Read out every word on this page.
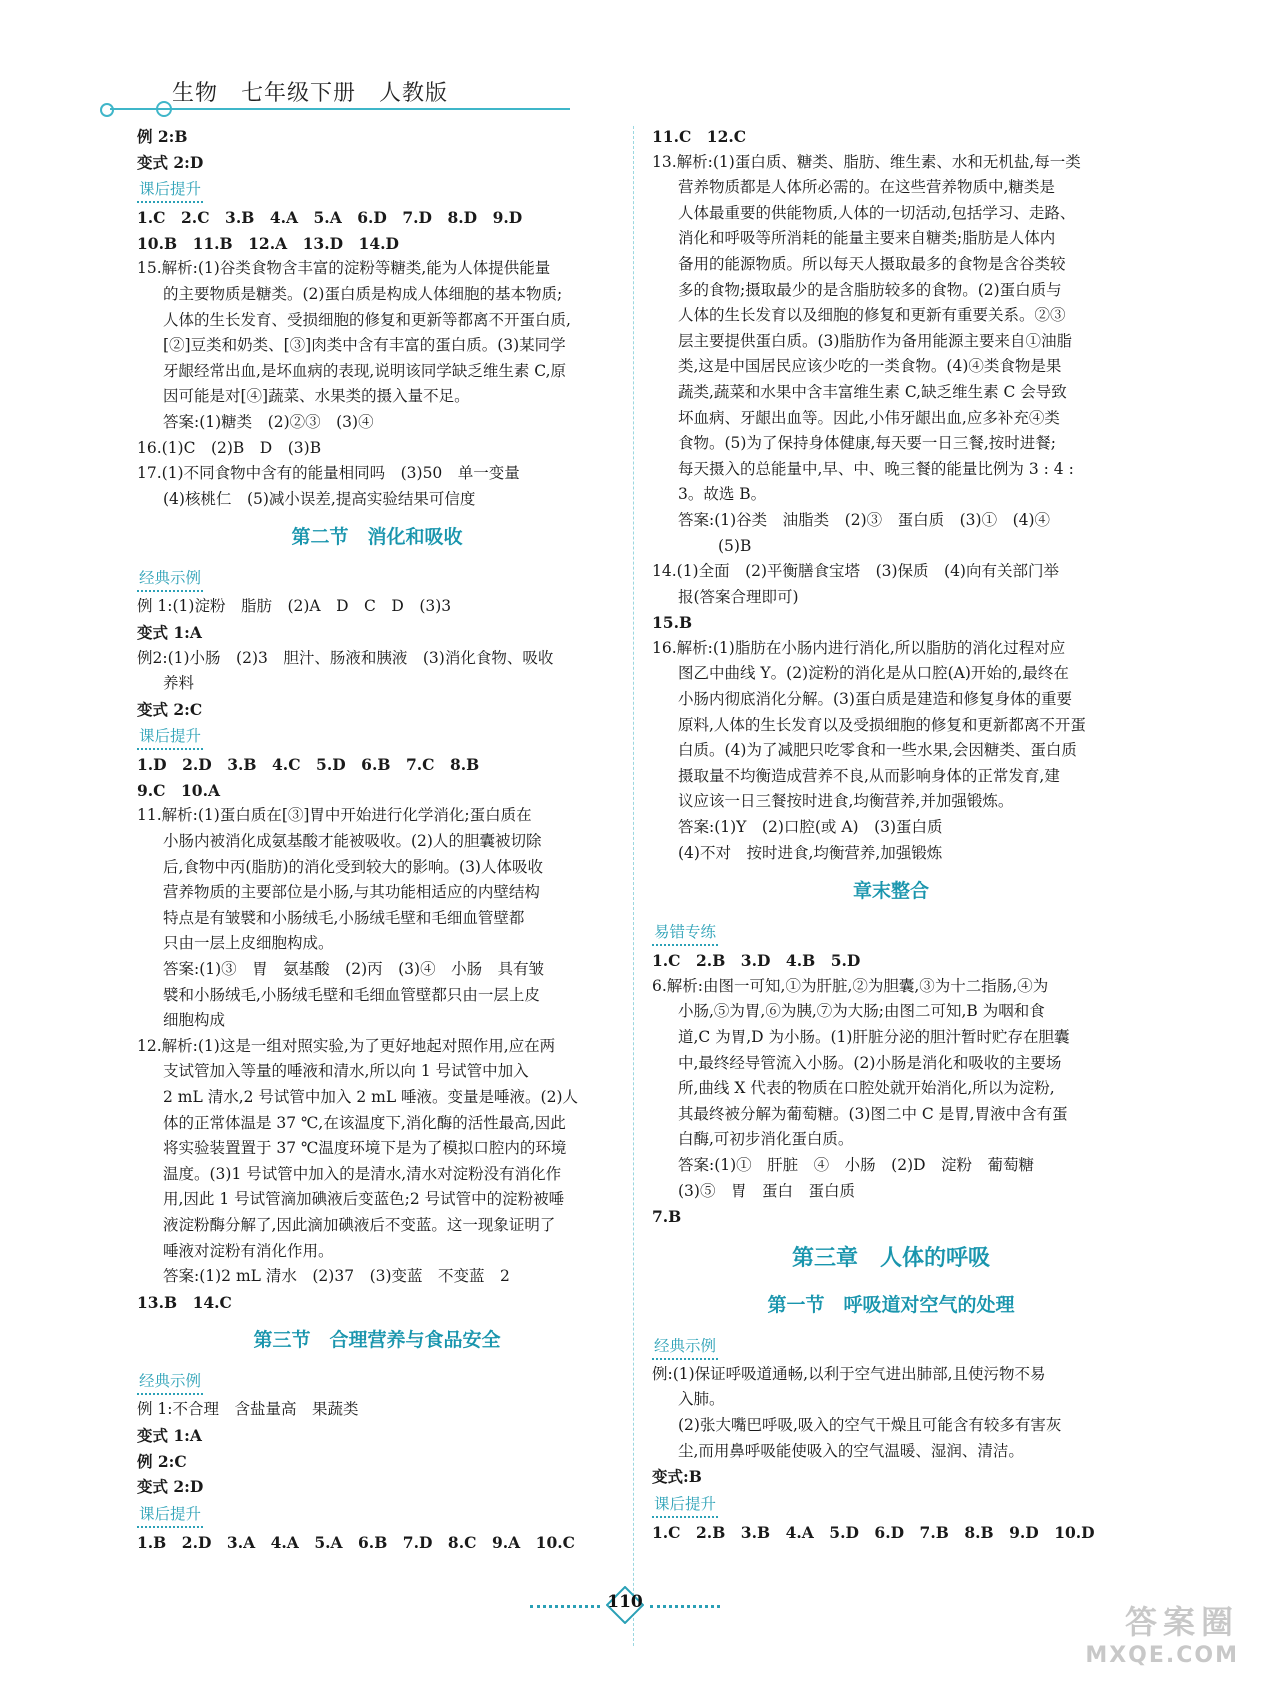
生物　七年级下册　人教版
例 2:B
变式 2:D
课后提升
1.C　2.C　3.B　4.A　5.A　6.D　7.D　8.D　9.D
10.B　11.B　12.A　13.D　14.D
15.解析:(1)谷类食物含丰富的淀粉等糖类,能为人体提供能量
的主要物质是糖类。(2)蛋白质是构成人体细胞的基本物质;
人体的生长发育、受损细胞的修复和更新等都离不开蛋白质,
[②]豆类和奶类、[③]肉类中含有丰富的蛋白质。(3)某同学
牙龈经常出血,是坏血病的表现,说明该同学缺乏维生素 C,原
因可能是对[④]蔬菜、水果类的摄入量不足。
答案:(1)糖类　(2)②③　(3)④
16.(1)C　(2)B　D　(3)B
17.(1)不同食物中含有的能量相同吗　(3)50　单一变量
(4)核桃仁　(5)减小误差,提高实验结果可信度
第二节　消化和吸收
经典示例
例 1:(1)淀粉　脂肪　(2)A　D　C　D　(3)3
变式 1:A
例2:(1)小肠　(2)3　胆汁、肠液和胰液　(3)消化食物、吸收
养料
变式 2:C
课后提升
1.D　2.D　3.B　4.C　5.D　6.B　7.C　8.B
9.C　10.A
11.解析:(1)蛋白质在[③]胃中开始进行化学消化;蛋白质在
小肠内被消化成氨基酸才能被吸收。(2)人的胆囊被切除
后,食物中丙(脂肪)的消化受到较大的影响。(3)人体吸收
营养物质的主要部位是小肠,与其功能相适应的内壁结构
特点是有皱襞和小肠绒毛,小肠绒毛壁和毛细血管壁都
只由一层上皮细胞构成。
答案:(1)③　胃　氨基酸　(2)丙　(3)④　小肠　具有皱
襞和小肠绒毛,小肠绒毛壁和毛细血管壁都只由一层上皮
细胞构成
12.解析:(1)这是一组对照实验,为了更好地起对照作用,应在两
支试管加入等量的唾液和清水,所以向 1 号试管中加入
2 mL 清水,2 号试管中加入 2 mL 唾液。变量是唾液。(2)人
体的正常体温是 37 ℃,在该温度下,消化酶的活性最高,因此
将实验装置置于 37 ℃温度环境下是为了模拟口腔内的环境
温度。(3)1 号试管中加入的是清水,清水对淀粉没有消化作
用,因此 1 号试管滴加碘液后变蓝色;2 号试管中的淀粉被唾
液淀粉酶分解了,因此滴加碘液后不变蓝。这一现象证明了
唾液对淀粉有消化作用。
答案:(1)2 mL 清水　(2)37　(3)变蓝　不变蓝　2
13.B　14.C
第三节　合理营养与食品安全
经典示例
例 1:不合理　含盐量高　果蔬类
变式 1:A
例 2:C
变式 2:D
课后提升
1.B　2.D　3.A　4.A　5.A　6.B　7.D　8.C　9.A　10.C
11.C　12.C
13.解析:(1)蛋白质、糖类、脂肪、维生素、水和无机盐,每一类
营养物质都是人体所必需的。在这些营养物质中,糖类是
人体最重要的供能物质,人体的一切活动,包括学习、走路、
消化和呼吸等所消耗的能量主要来自糖类;脂肪是人体内
备用的能源物质。所以每天人摄取最多的食物是含谷类较
多的食物;摄取最少的是含脂肪较多的食物。(2)蛋白质与
人体的生长发育以及细胞的修复和更新有重要关系。②③
层主要提供蛋白质。(3)脂肪作为备用能源主要来自①油脂
类,这是中国居民应该少吃的一类食物。(4)④类食物是果
蔬类,蔬菜和水果中含丰富维生素 C,缺乏维生素 C 会导致
坏血病、牙龈出血等。因此,小伟牙龈出血,应多补充④类
食物。(5)为了保持身体健康,每天要一日三餐,按时进餐;
每天摄入的总能量中,早、中、晚三餐的能量比例为 3 : 4 :
3。故选 B。
答案:(1)谷类　油脂类　(2)③　蛋白质　(3)①　(4)④
(5)B
14.(1)全面　(2)平衡膳食宝塔　(3)保质　(4)向有关部门举
报(答案合理即可)
15.B
16.解析:(1)脂肪在小肠内进行消化,所以脂肪的消化过程对应
图乙中曲线 Y。(2)淀粉的消化是从口腔(A)开始的,最终在
小肠内彻底消化分解。(3)蛋白质是建造和修复身体的重要
原料,人体的生长发育以及受损细胞的修复和更新都离不开蛋
白质。(4)为了减肥只吃零食和一些水果,会因糖类、蛋白质
摄取量不均衡造成营养不良,从而影响身体的正常发育,建
议应该一日三餐按时进食,均衡营养,并加强锻炼。
答案:(1)Y　(2)口腔(或 A)　(3)蛋白质
(4)不对　按时进食,均衡营养,加强锻炼
章末整合
易错专练
1.C　2.B　3.D　4.B　5.D
6.解析:由图一可知,①为肝脏,②为胆囊,③为十二指肠,④为
小肠,⑤为胃,⑥为胰,⑦为大肠;由图二可知,B 为咽和食
道,C 为胃,D 为小肠。(1)肝脏分泌的胆汁暂时贮存在胆囊
中,最终经导管流入小肠。(2)小肠是消化和吸收的主要场
所,曲线 X 代表的物质在口腔处就开始消化,所以为淀粉,
其最终被分解为葡萄糖。(3)图二中 C 是胃,胃液中含有蛋
白酶,可初步消化蛋白质。
答案:(1)①　肝脏　④　小肠　(2)D　淀粉　葡萄糖
(3)⑤　胃　蛋白　蛋白质
7.B
第三章　人体的呼吸
第一节　呼吸道对空气的处理
经典示例
例:(1)保证呼吸道通畅,以利于空气进出肺部,且使污物不易
入肺。
(2)张大嘴巴呼吸,吸入的空气干燥且可能含有较多有害灰
尘,而用鼻呼吸能使吸入的空气温暖、湿润、清洁。
变式:B
课后提升
1.C　2.B　3.B　4.A　5.D　6.D　7.B　8.B　9.D　10.D
110
答案圈
MXQE.COM
